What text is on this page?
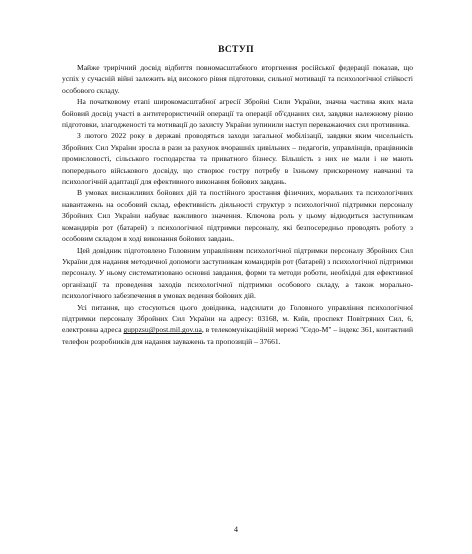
ВСТУП

Майже трирічний досвід відбиття повномасштабного вторгнення російської федерації показав, що успіх у сучасній війні залежить від високого рівня підготовки, сильної мотивації та психологічної стійкості особового складу.

На початковому етапі широкомасштабної агресії Збройні Сили України, значна частина яких мала бойовий досвід участі в антитерористичній операції та операції об'єднаних сил, завдяки належному рівню підготовки, злагодженості та мотивації до захисту України зупинили наступ переважаючих сил противника.

З лютого 2022 року в державі проводяться заходи загальної мобілізації, завдяки яким чисельність Збройних Сил України зросла в рази за рахунок вчорашніх цивільних – педагогів, управлінців, працівників промисловості, сільського господарства та приватного бізнесу. Більшість з них не мали і не мають попереднього військового досвіду, що створює гостру потребу в їхньому прискореному навчанні та психологічній адаптації для ефективного виконання бойових завдань.

В умовах виснажливих бойових дій та постійного зростання фізичних, моральних та психологічних навантажень на особовий склад, ефективність діяльності структур з психологічної підтримки персоналу Збройних Сил України набуває важливого значення. Ключова роль у цьому відводиться заступникам командирів рот (батарей) з психологічної підтримки персоналу, які безпосередньо проводять роботу з особовим складом в ході виконання бойових завдань.

Цей довідник підготовлено Головним управлінням психологічної підтримки персоналу Збройних Сил України для надання методичної допомоги заступникам командирів рот (батарей) з психологічної підтримки персоналу. У ньому систематизовано основні завдання, форми та методи роботи, необхідні для ефективної організації та проведення заходів психологічної підтримки особового складу, а також морально-психологічного забезпечення в умовах ведення бойових дій.

Усі питання, що стосуються цього довідника, надсилати до Головного управління психологічної підтримки персоналу Збройних Сил України на адресу: 03168, м. Київ, проспект Повітряних Сил, 6, електронна адреса guppzsu@post.mil.gov.ua, в телекомунікаційній мережі "Седо-М" – індекс 361, контактний телефон розробників для надання зауважень та пропозицій – 37661.

4
